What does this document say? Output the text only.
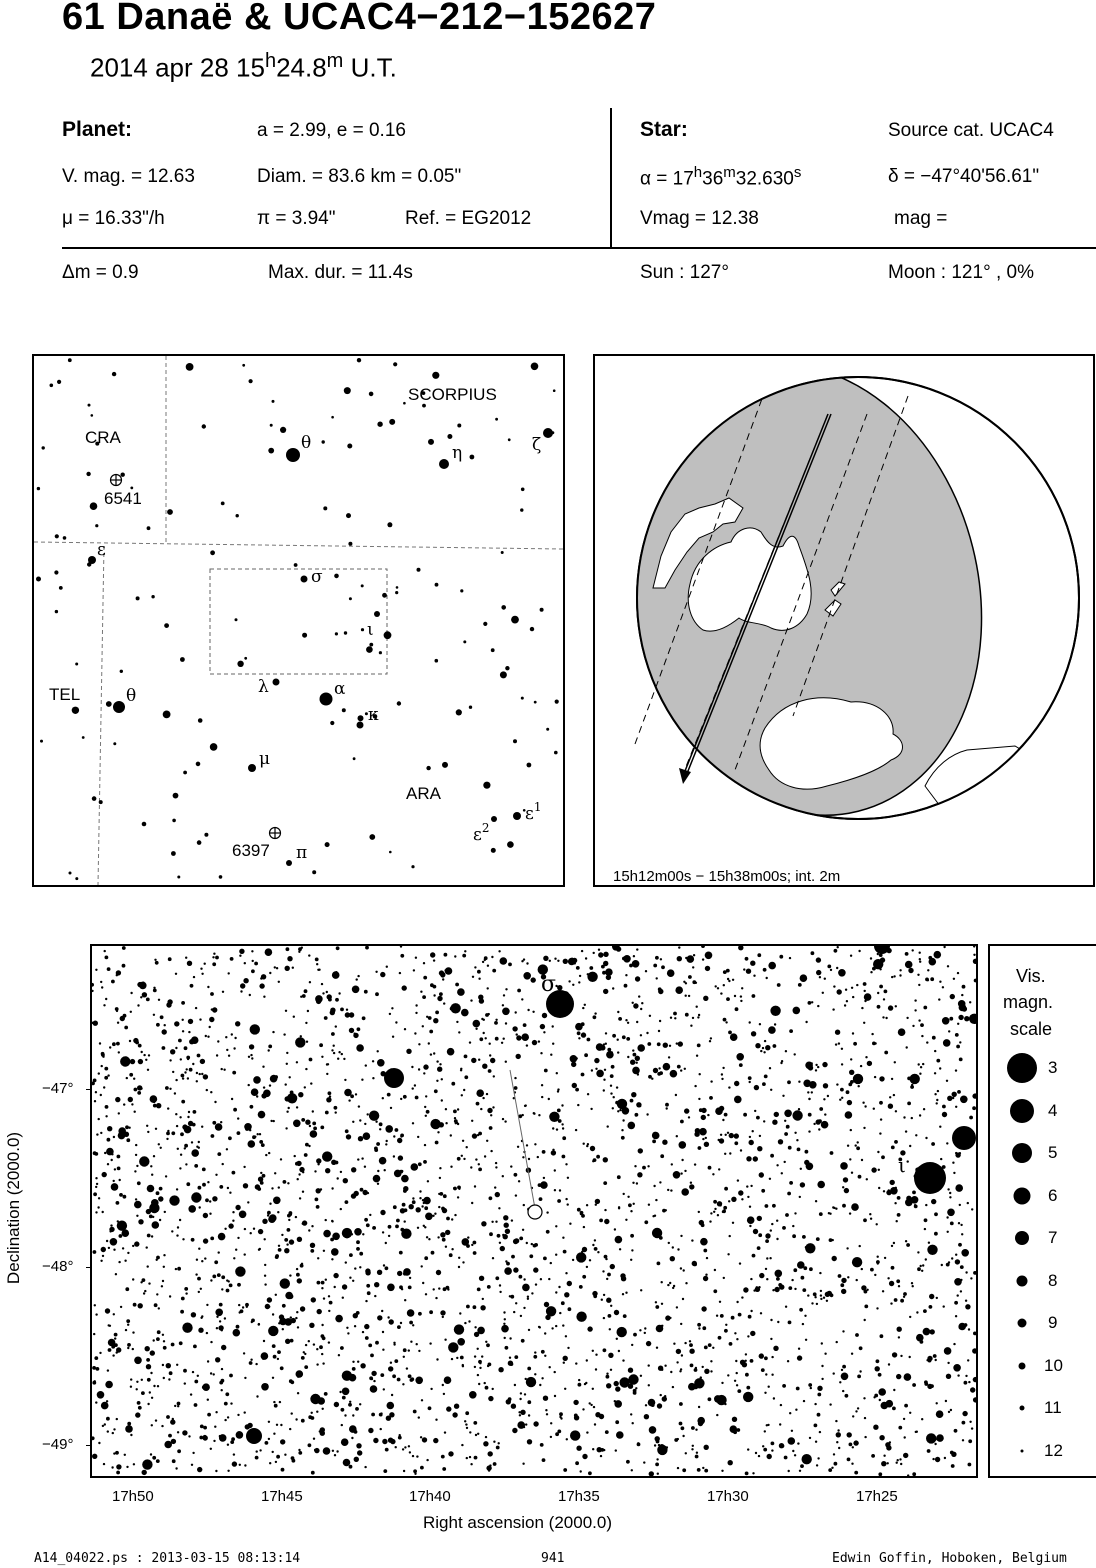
61 Danaë & UCAC4−212−152627
2014 apr 28 15$^h$24.8$^m$ U.T.
Planet:	a = 2.99, e = 0.16
V. mag. = 12.63	Diam. = 83.6 km = 0.05"
μ = 16.33"/h	π = 3.94"	Ref. = EG2012
Star:	Source cat. UCAC4
$\alpha = 17^h36^m32.630^s$	δ = −47°40'56.61"
Vmag = 12.38	mag =
Δm = 0.9	Max. dur. = 11.4s	Sun : 127°	Moon : 121° , 0%
SCORPIUS
CRA
TEL
ARA
6541
6397
θ	η	ζ
ε
σ
ι
θ	λ	α
κ
μ
$\varepsilon^2$
$\varepsilon^1$
π
15h12m00s − 15h38m00s; int. 2m
σ
ι
Declination (2000.0)
−47°
−48°
−49°
17h50	17h45	17h40	17h35	17h30	17h25
Right ascension (2000.0)
Vis.
magn.
scale
3
4
5
6
7
8
9
10
11
12
A14_04022.ps : 2013-03-15 08:13:14	941	Edwin Goffin, Hoboken, Belgium
